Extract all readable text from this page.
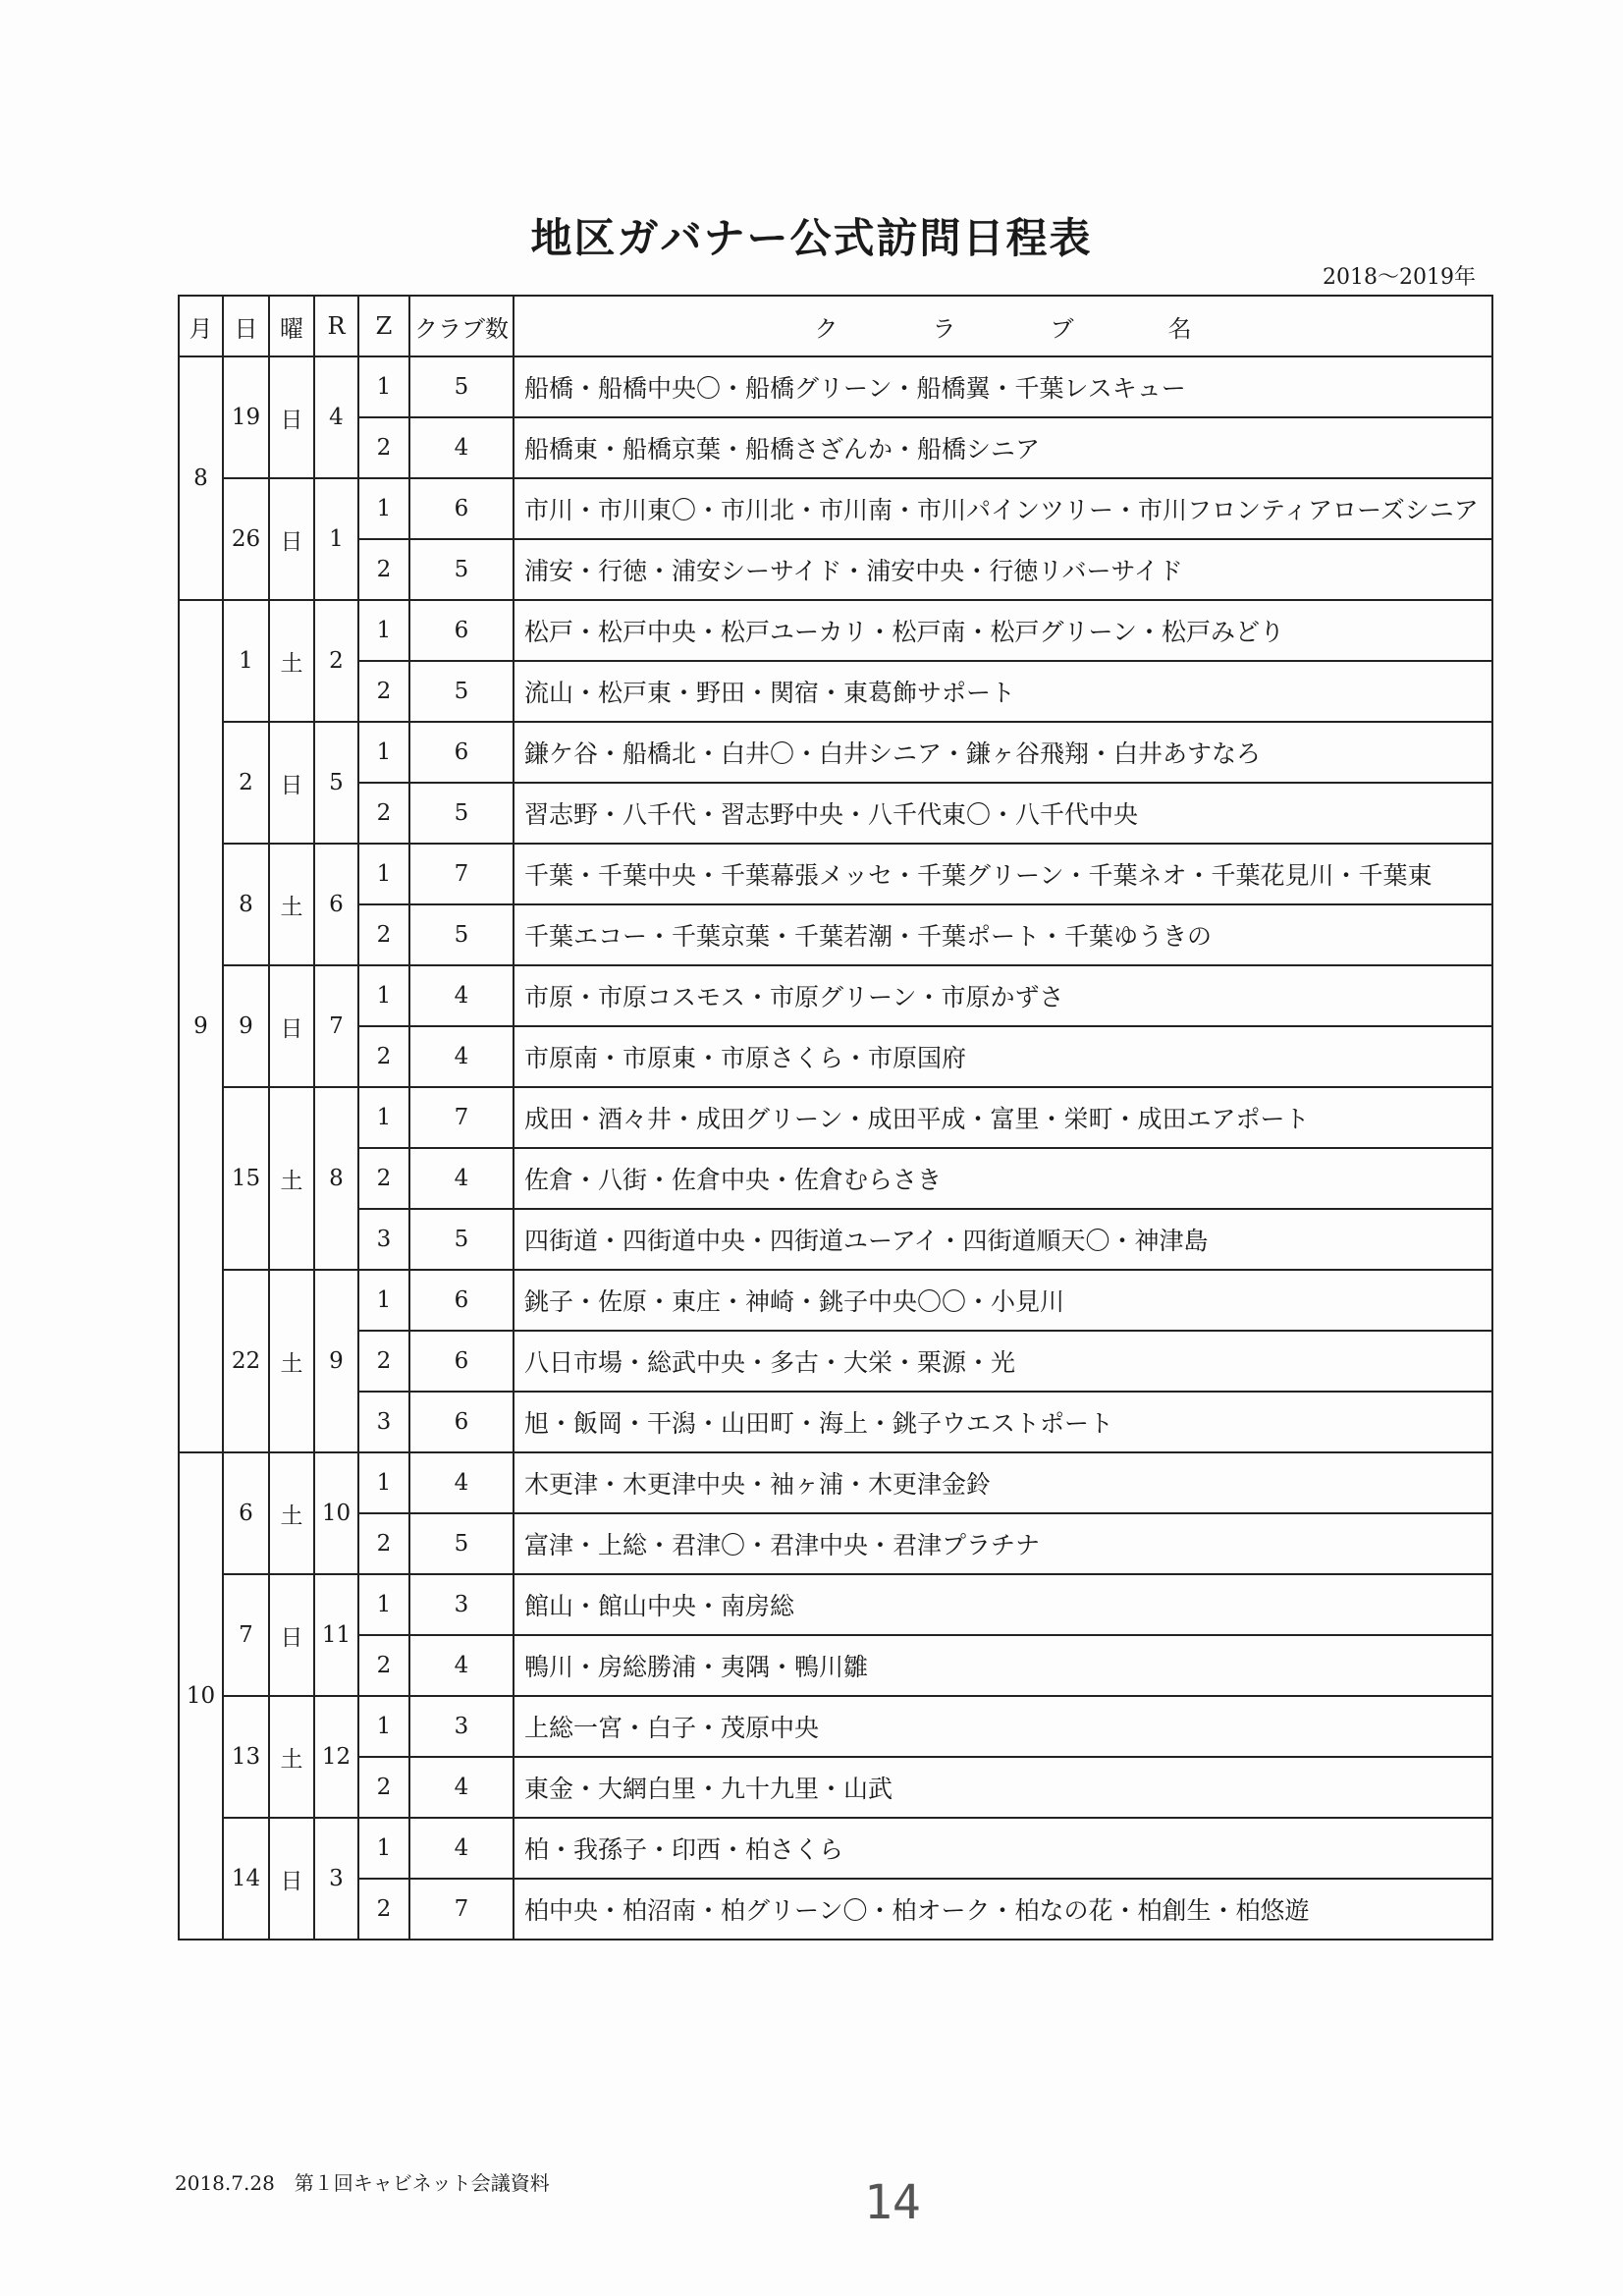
地区ガバナー公式訪問日程表
2018～2019年
月	日	曜	R	Z	クラブ数	ク　　　　ラ　　　　ブ　　　　名
8	19	日	4	1	5	船橋・船橋中央〇・船橋グリーン・船橋翼・千葉レスキュー
				2	4	船橋東・船橋京葉・船橋さざんか・船橋シニア
	26	日	1	1	6	市川・市川東〇・市川北・市川南・市川パインツリー・市川フロンティアローズシニア
				2	5	浦安・行徳・浦安シーサイド・浦安中央・行徳リバーサイド
9	1	土	2	1	6	松戸・松戸中央・松戸ユーカリ・松戸南・松戸グリーン・松戸みどり
				2	5	流山・松戸東・野田・関宿・東葛飾サポート
	2	日	5	1	6	鎌ケ谷・船橋北・白井〇・白井シニア・鎌ヶ谷飛翔・白井あすなろ
				2	5	習志野・八千代・習志野中央・八千代東〇・八千代中央
	8	土	6	1	7	千葉・千葉中央・千葉幕張メッセ・千葉グリーン・千葉ネオ・千葉花見川・千葉東
				2	5	千葉エコー・千葉京葉・千葉若潮・千葉ポート・千葉ゆうきの
	9	日	7	1	4	市原・市原コスモス・市原グリーン・市原かずさ
				2	4	市原南・市原東・市原さくら・市原国府
	15	土	8	1	7	成田・酒々井・成田グリーン・成田平成・富里・栄町・成田エアポート
				2	4	佐倉・八街・佐倉中央・佐倉むらさき
				3	5	四街道・四街道中央・四街道ユーアイ・四街道順天〇・神津島
	22	土	9	1	6	銚子・佐原・東庄・神崎・銚子中央〇〇・小見川
				2	6	八日市場・総武中央・多古・大栄・栗源・光
				3	6	旭・飯岡・干潟・山田町・海上・銚子ウエストポート
10	6	土	10	1	4	木更津・木更津中央・袖ヶ浦・木更津金鈴
				2	5	富津・上総・君津〇・君津中央・君津プラチナ
	7	日	11	1	3	館山・館山中央・南房総
				2	4	鴨川・房総勝浦・夷隅・鴨川雛
	13	土	12	1	3	上総一宮・白子・茂原中央
				2	4	東金・大網白里・九十九里・山武
	14	日	3	1	4	柏・我孫子・印西・柏さくら
				2	7	柏中央・柏沼南・柏グリーン〇・柏オーク・柏なの花・柏創生・柏悠遊
2018.7.28　第１回キャビネット会議資料	14
